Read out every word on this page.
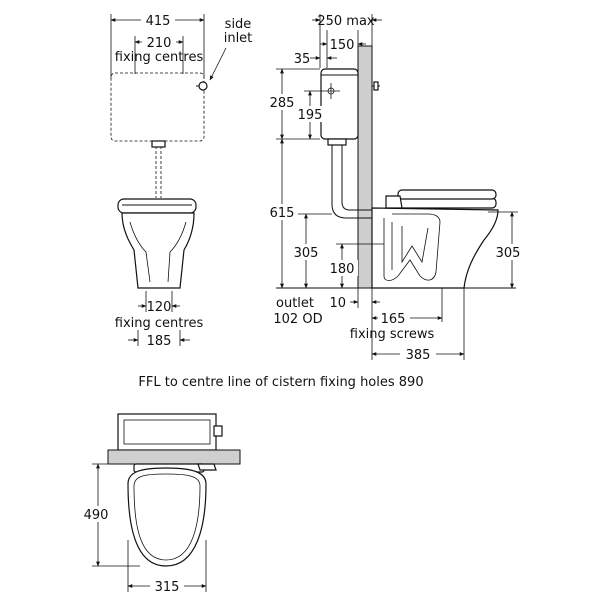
415
210
fixing centres
side
inlet
120
fixing centres
185
250 max
150
35
285
195
615
305
180
305
outlet
102 OD
10
165
fixing screws
385
FFL to centre line of cistern fixing holes 890
490
315
